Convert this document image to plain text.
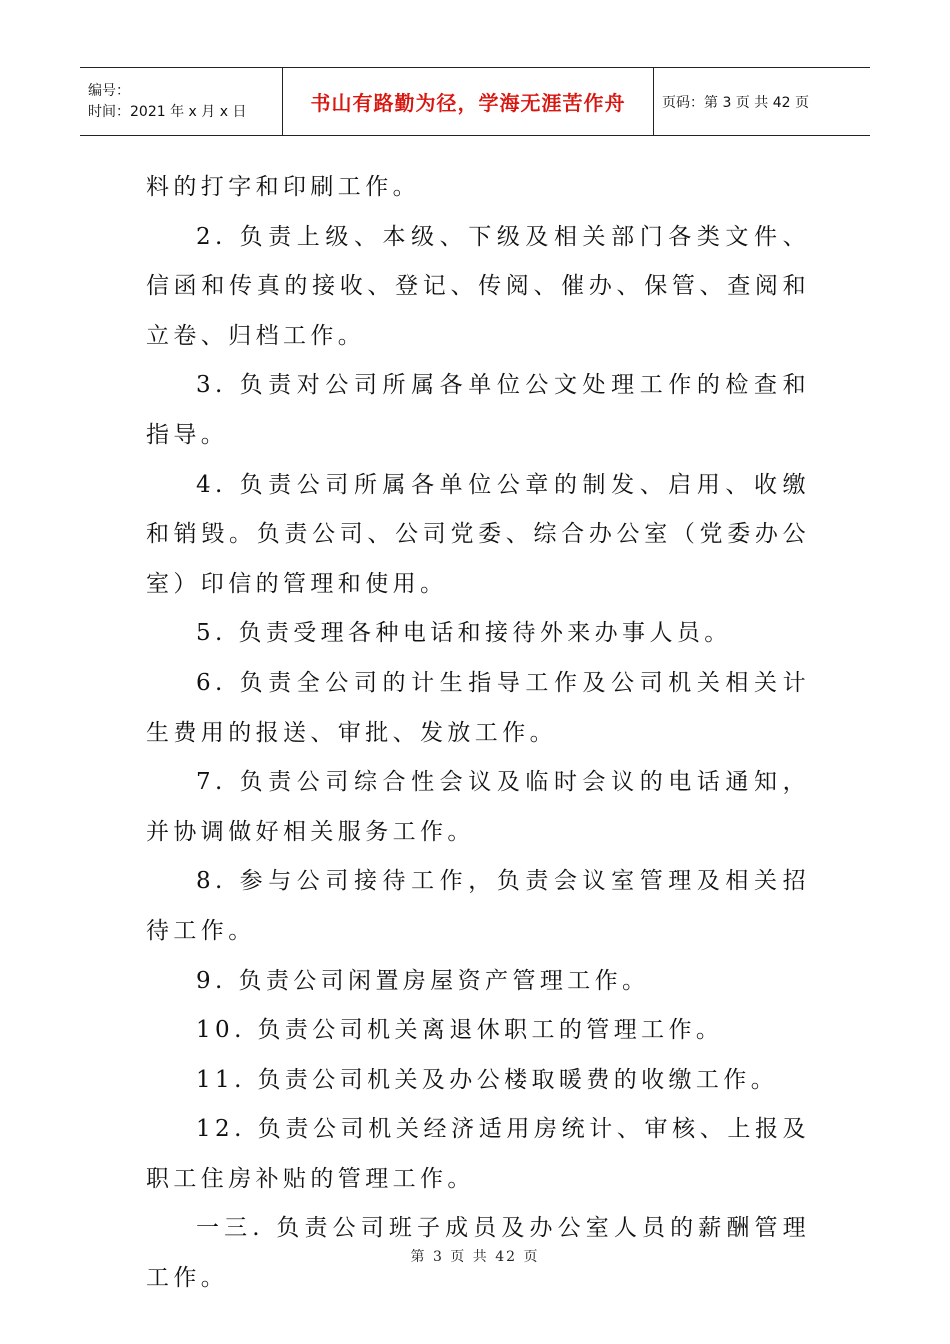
编号：
时间：2021 年 x 月 x 日	书山有路勤为径，学海无涯苦作舟	页码：第 3 页 共 42 页

料的打字和印刷工作。

2. 负责上级、本级、下级及相关部门各类文件、信函和传真的接收、登记、传阅、催办、保管、查阅和立卷、归档工作。

3. 负责对公司所属各单位公文处理工作的检查和指导。

4. 负责公司所属各单位公章的制发、启用、收缴和销毁。负责公司、公司党委、综合办公室（党委办公室）印信的管理和使用。

5. 负责受理各种电话和接待外来办事人员。

6. 负责全公司的计生指导工作及公司机关相关计生费用的报送、审批、发放工作。

7. 负责公司综合性会议及临时会议的电话通知，并协调做好相关服务工作。

8. 参与公司接待工作，负责会议室管理及相关招待工作。

9. 负责公司闲置房屋资产管理工作。

10. 负责公司机关离退休职工的管理工作。

11. 负责公司机关及办公楼取暖费的收缴工作。

12. 负责公司机关经济适用房统计、审核、上报及职工住房补贴的管理工作。

一三. 负责公司班子成员及办公室人员的薪酬管理工作。

第 3 页 共 42 页
